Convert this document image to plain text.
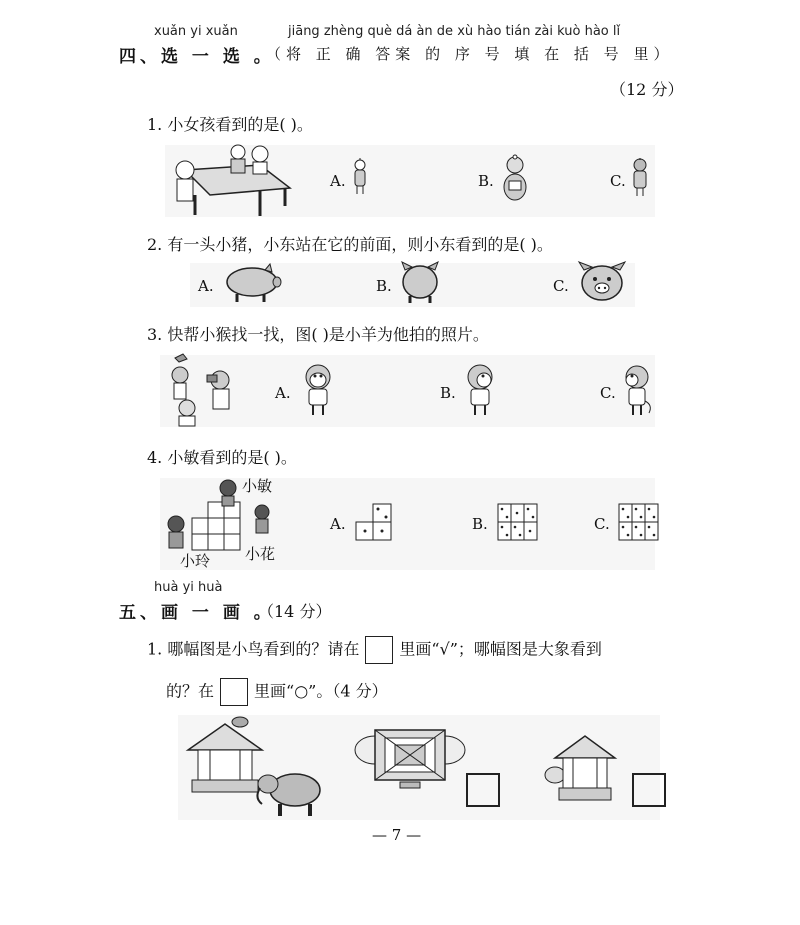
xuǎn yi xuǎn	jiāng zhèng què dá àn de xù hào tián zài kuò hào lǐ
四、选 一 选 。
（将 正 确 答案 的 序 号 填 在 括 号 里）
（12 分）
1. 小女孩看到的是( )。
A.	B.	C.
2. 有一头小猪，小东站在它的前面，则小东看到的是( )。
A.	B.	C.
3. 快帮小猴找一找，图( )是小羊为他拍的照片。
A.	B.	C.
4. 小敏看到的是( )。
小敏
小玲 小花
A.	B.	C.
huà yi huà
五、画 一 画 。
（14 分）
1. 哪幅图是小鸟看到的？请在	里画“√”；哪幅图是大象看到
的？在	里画“○”。（4 分）
— 7 —
